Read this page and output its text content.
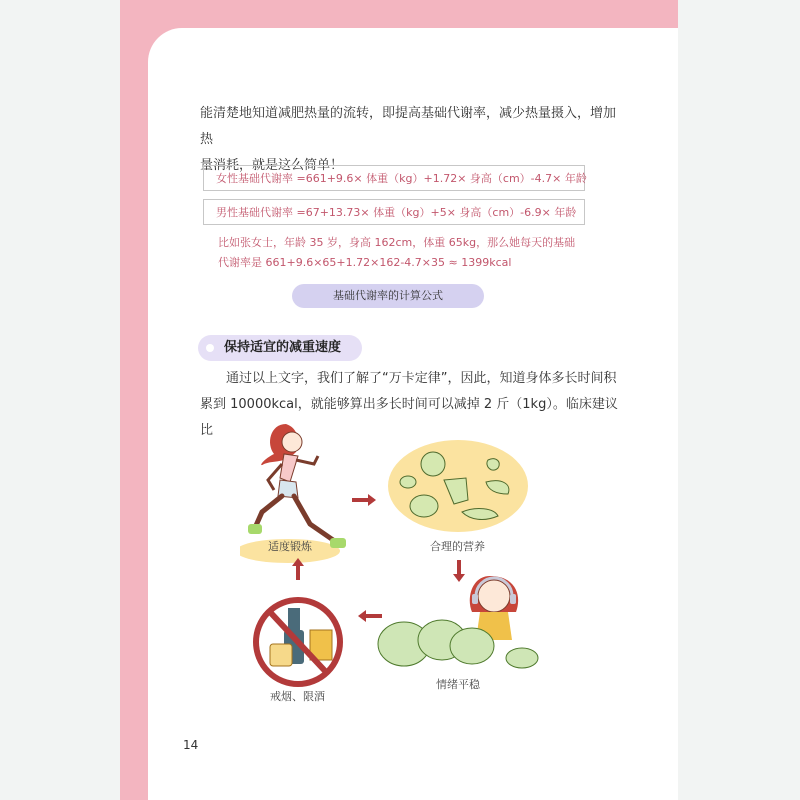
能清楚地知道减肥热量的流转，即提高基础代谢率，减少热量摄入，增加热
量消耗，就是这么简单！

女性基础代谢率 =661+9.6× 体重（kg）+1.72× 身高（cm）-4.7× 年龄
男性基础代谢率 =67+13.73× 体重（kg）+5× 身高（cm）-6.9× 年龄

比如张女士，年龄 35 岁，身高 162cm，体重 65kg，那么她每天的基础
代谢率是 661+9.6×65+1.72×162-4.7×35 ≈ 1399kcal

基础代谢率的计算公式
保持适宜的减重速度

通过以上文字，我们了解了“万卡定律”，因此，知道身体多长时间积
累到 10000kcal，就能够算出多长时间可以减掉 2 斤（1kg）。临床建议比

适度锻炼	合理的营养
情绪平稳
戒烟、限酒
14
